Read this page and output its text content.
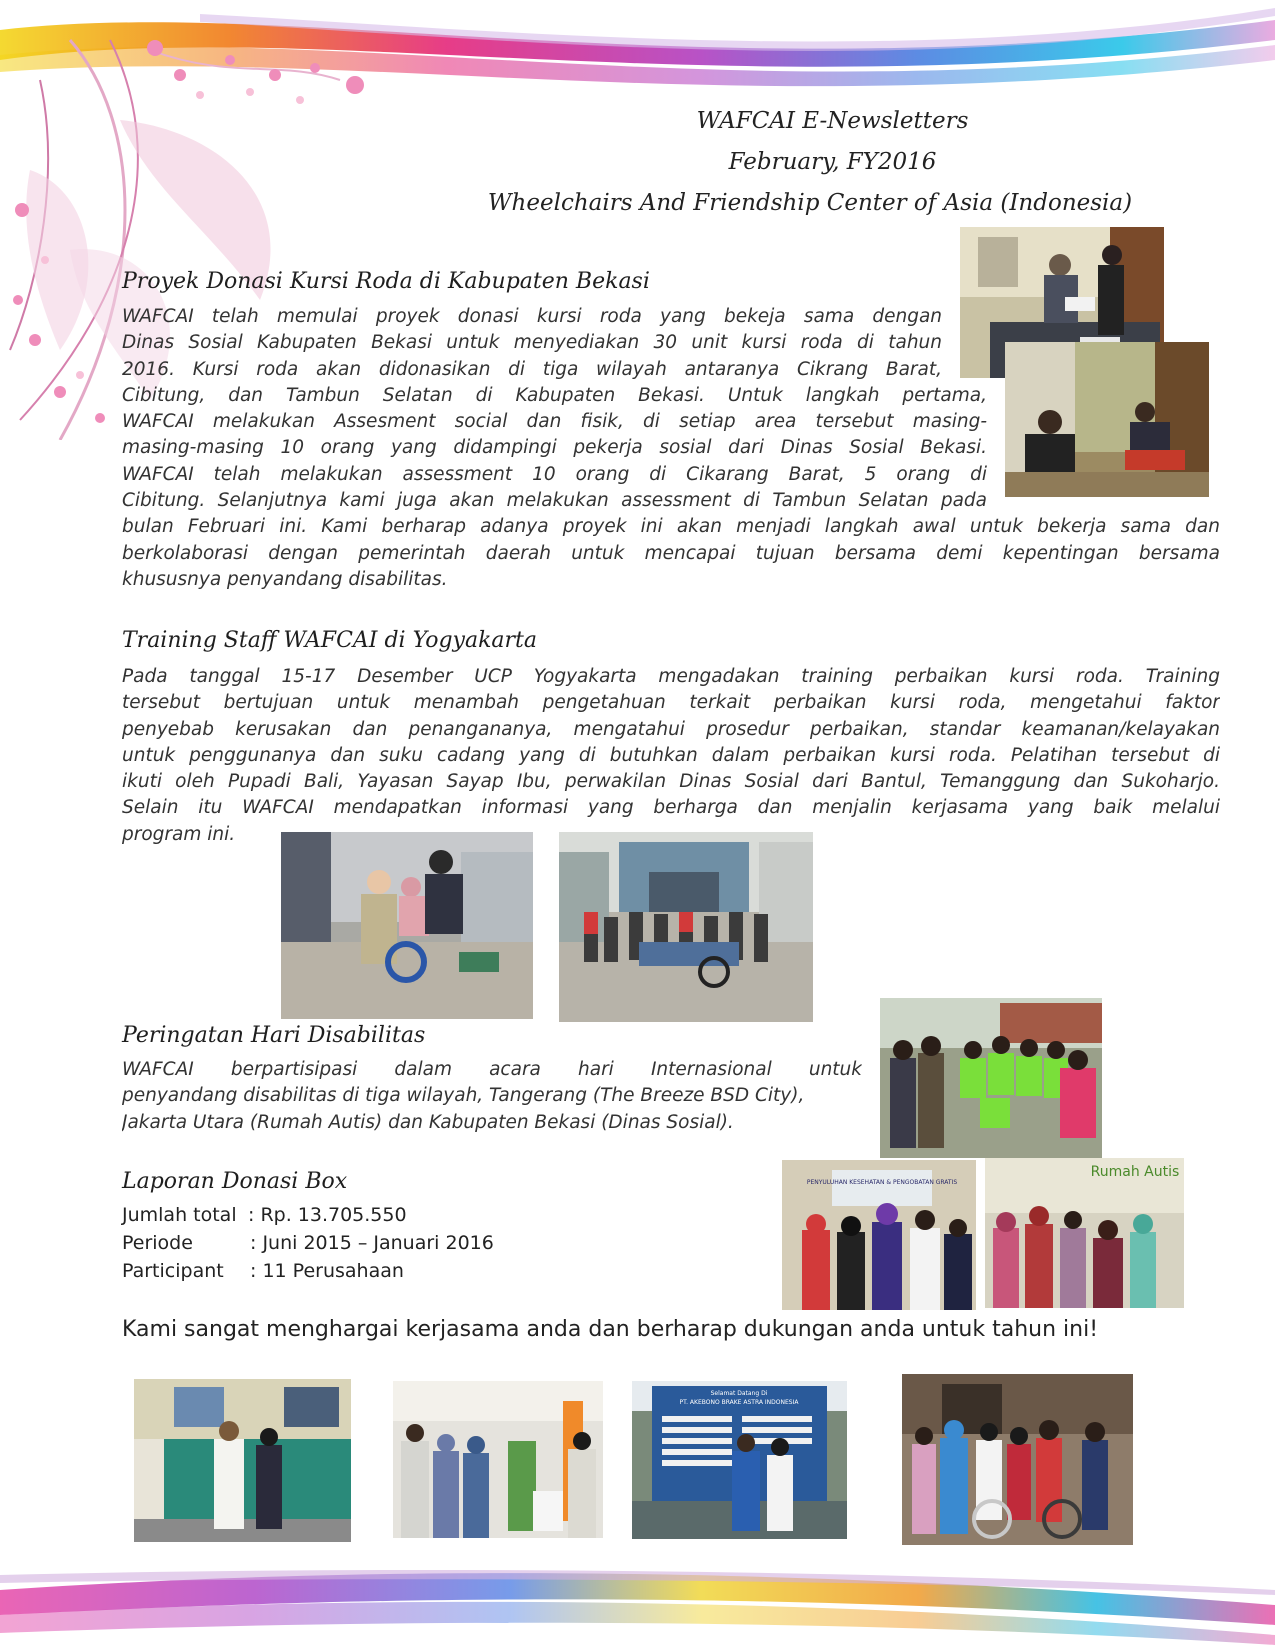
WAFCAI E-Newsletters
February, FY2016
Wheelchairs And Friendship Center of Asia (Indonesia)
Proyek Donasi Kursi Roda di Kabupaten Bekasi
WAFCAI telah memulai proyek donasi kursi roda yang bekeja sama dengan
Dinas Sosial Kabupaten Bekasi untuk menyediakan 30 unit kursi roda di tahun
2016. Kursi roda akan didonasikan di tiga wilayah antaranya Cikrang Barat,
Cibitung, dan Tambun Selatan di Kabupaten Bekasi. Untuk langkah pertama,
WAFCAI melakukan Assesment social dan fisik, di setiap area tersebut masing-
masing-masing 10 orang yang didampingi pekerja sosial dari Dinas Sosial Bekasi.
WAFCAI telah melakukan assessment 10 orang di Cikarang Barat, 5 orang di
Cibitung. Selanjutnya kami juga akan melakukan assessment di Tambun Selatan pada
bulan Februari ini. Kami berharap adanya proyek ini akan menjadi langkah awal untuk bekerja sama dan
berkolaborasi dengan pemerintah daerah untuk mencapai tujuan bersama demi kepentingan bersama
khususnya penyandang disabilitas.
Training Staff WAFCAI di Yogyakarta
Pada tanggal 15-17 Desember UCP Yogyakarta mengadakan training perbaikan kursi roda. Training
tersebut bertujuan untuk menambah pengetahuan terkait perbaikan kursi roda, mengetahui faktor
penyebab kerusakan dan penangananya, mengatahui prosedur perbaikan, standar keamanan/kelayakan
untuk penggunanya dan suku cadang yang di butuhkan dalam perbaikan kursi roda. Pelatihan tersebut di
ikuti oleh Pupadi Bali, Yayasan Sayap Ibu, perwakilan Dinas Sosial dari Bantul, Temanggung dan Sukoharjo.
Selain itu WAFCAI mendapatkan informasi yang berharga dan menjalin kerjasama yang baik melalui
program ini.
Peringatan Hari Disabilitas
WAFCAI berpartisipasi dalam acara hari Internasional untuk
penyandang disabilitas di tiga wilayah, Tangerang (The Breeze BSD City),
Jakarta Utara (Rumah Autis) dan Kabupaten Bekasi (Dinas Sosial).
Laporan Donasi Box
Jumlah total : Rp. 13.705.550
Periode	: Juni 2015 – Januari 2016
Participant : 11 Perusahaan
PENYULUHAN KESEHATAN & PENGOBATAN GRATIS
Rumah Autis
Kami sangat menghargai kerjasama anda dan berharap dukungan anda untuk tahun ini!
Selamat Datang Di
PT. AKEBONO BRAKE ASTRA INDONESIA
